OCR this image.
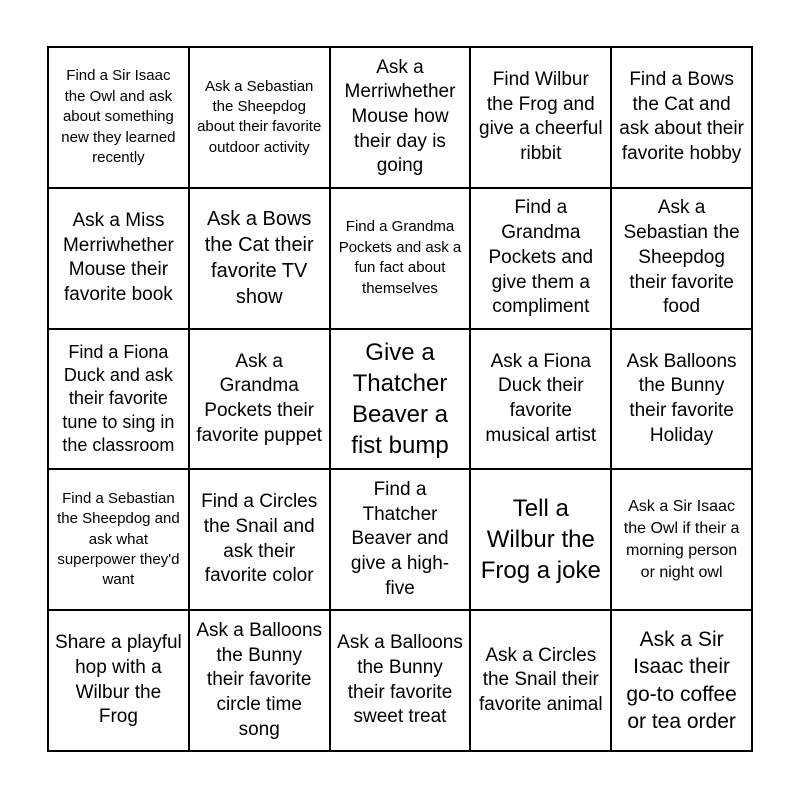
Find a Sir Isaac the Owl and ask about something new they learned recently
Ask a Sebastian the Sheepdog about their favorite outdoor activity
Ask a Merriwhether Mouse how their day is going
Find Wilbur the Frog and give a cheerful ribbit
Find a Bows the Cat and ask about their favorite hobby
Ask a Miss Merriwhether Mouse their favorite book
Ask a Bows the Cat their favorite TV show
Find a Grandma Pockets and ask a fun fact about themselves
Find a Grandma Pockets and give them a compliment
Ask a Sebastian the Sheepdog their favorite food
Find a Fiona Duck and ask their favorite tune to sing in the classroom
Ask a Grandma Pockets their favorite puppet
Give a Thatcher Beaver a fist bump
Ask a Fiona Duck their favorite musical artist
Ask Balloons the Bunny their favorite Holiday
Find a Sebastian the Sheepdog and ask what superpower they'd want
Find a Circles the Snail and ask their favorite color
Find a Thatcher Beaver and give a high-five
Tell a Wilbur the Frog a joke
Ask a Sir Isaac the Owl if their a morning person or night owl
Share a playful hop with a Wilbur the Frog
Ask a Balloons the Bunny their favorite circle time song
Ask a Balloons the Bunny their favorite sweet treat
Ask a Circles the Snail their favorite animal
Ask a Sir Isaac their go-to coffee or tea order
